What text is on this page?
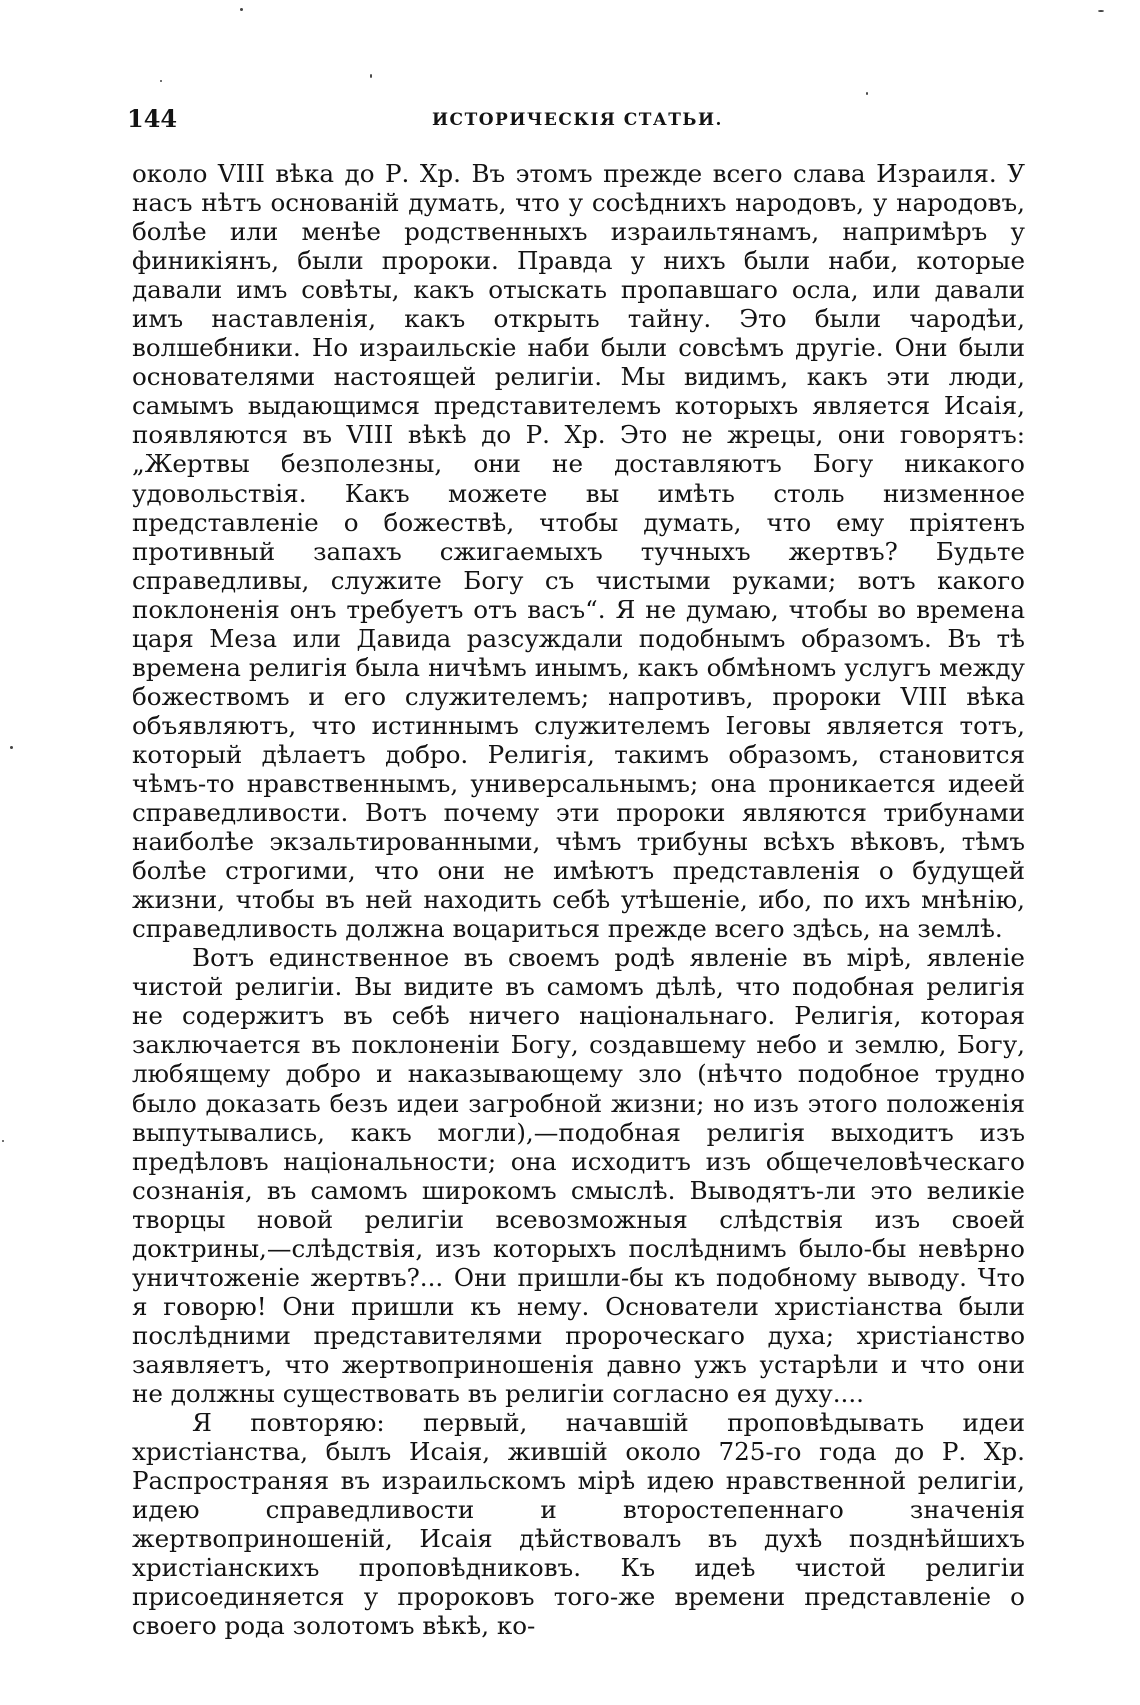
144	ИСТОРИЧЕСКІЯ СТАТЬИ.

около VIII вѣка до Р. Хр. Въ этомъ прежде всего слава Израиля. У насъ нѣтъ основаній думать, что у сосѣднихъ народовъ, у народовъ, болѣе или менѣе родственныхъ израильтянамъ, напримѣръ у финикіянъ, были пророки. Правда у нихъ были наби, которые давали имъ совѣты, какъ отыскать пропавшаго осла, или давали имъ наставленія, какъ открыть тайну. Это были чародѣи, волшебники. Но израильскіе наби были совсѣмъ другіе. Они были основателями настоящей религіи. Мы видимъ, какъ эти люди, самымъ выдающимся представителемъ которыхъ является Исаія, появляются въ VIII вѣкѣ до Р. Хр. Это не жрецы, они говорятъ: „Жертвы безполезны, они не доставляютъ Богу никакого удовольствія. Какъ можете вы имѣть столь низменное представленіе о божествѣ, чтобы думать, что ему пріятенъ противный запахъ сжигаемыхъ тучныхъ жертвъ? Будьте справедливы, служите Богу съ чистыми руками; вотъ какого поклоненія онъ требуетъ отъ васъ“. Я не думаю, чтобы во времена царя Меза или Давида разсуждали подобнымъ образомъ. Въ тѣ времена религія была ничѣмъ инымъ, какъ обмѣномъ услугъ между божествомъ и его служителемъ; напротивъ, пророки VIII вѣка объявляютъ, что истиннымъ служителемъ Іеговы является тотъ, который дѣлаетъ добро. Религія, такимъ образомъ, становится чѣмъ-то нравственнымъ, универсальнымъ; она проникается идеей справедливости. Вотъ почему эти пророки являются трибунами наиболѣе экзальтированными, чѣмъ трибуны всѣхъ вѣковъ, тѣмъ болѣе строгими, что они не имѣютъ представленія о будущей жизни, чтобы въ ней находить себѣ утѣшеніе, ибо, по ихъ мнѣнію, справедливость должна воцариться прежде всего здѣсь, на землѣ.

Вотъ единственное въ своемъ родѣ явленіе въ мірѣ, явленіе чистой религіи. Вы видите въ самомъ дѣлѣ, что подобная религія не содержитъ въ себѣ ничего національнаго. Религія, которая заключается въ поклоненіи Богу, создавшему небо и землю, Богу, любящему добро и наказывающему зло (нѣчто подобное трудно было доказать безъ идеи загробной жизни; но изъ этого положенія выпутывались, какъ могли),—подобная религія выходитъ изъ предѣловъ національности; она исходитъ изъ общечеловѣческаго сознанія, въ самомъ широкомъ смыслѣ. Выводятъ-ли это великіе творцы новой религіи всевозможныя слѣдствія изъ своей доктрины,—слѣдствія, изъ которыхъ послѣднимъ было-бы невѣрно уничтоженіе жертвъ?... Они пришли-бы къ подобному выводу. Что я говорю! Они пришли къ нему. Основатели христіанства были послѣдними представителями пророческаго духа; христіанство заявляетъ, что жертвоприношенія давно ужъ устарѣли и что они не должны существовать въ религіи согласно ея духу....

Я повторяю: первый, начавшій проповѣдывать идеи христіанства, былъ Исаія, жившій около 725-го года до Р. Хр. Распространяя въ израильскомъ мірѣ идею нравственной религіи, идею справедливости и второстепеннаго значенія жертвоприношеній, Исаія дѣйствовалъ въ духѣ позднѣйшихъ христіанскихъ проповѣдниковъ. Къ идеѣ чистой религіи присоединяется у пророковъ того-же времени представленіе о своего рода золотомъ вѣкѣ, ко-
